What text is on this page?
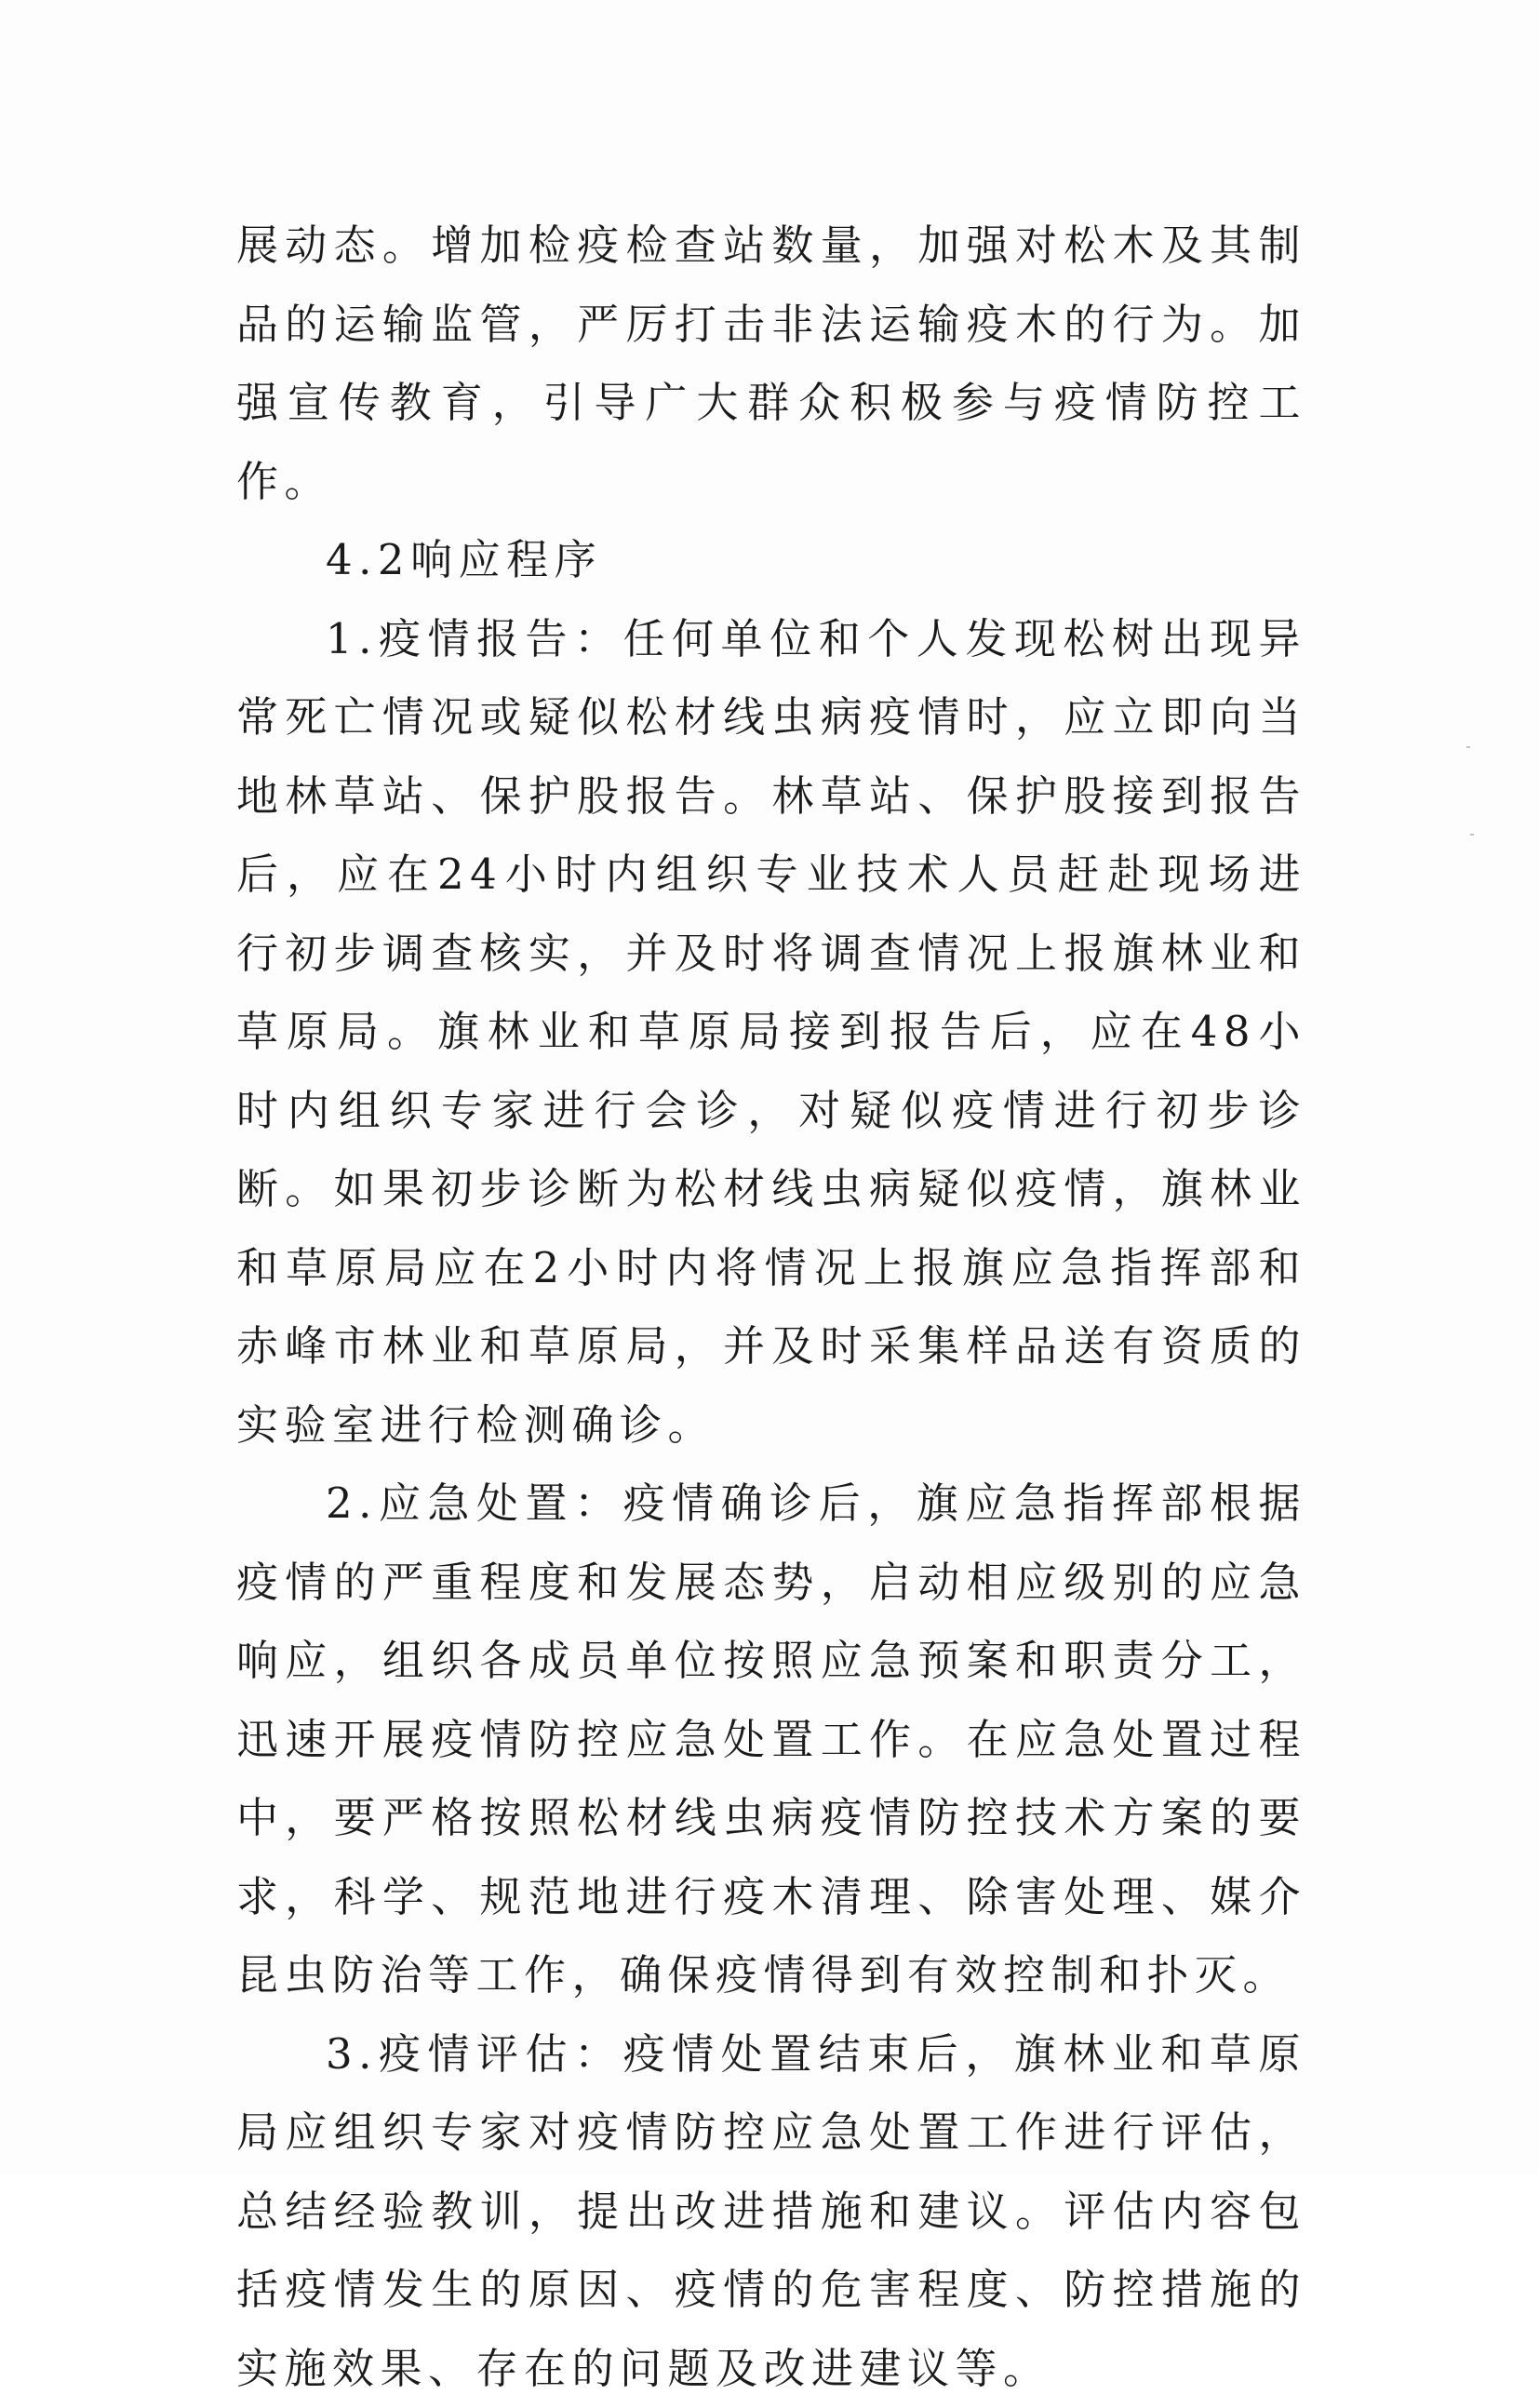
展动态。增加检疫检查站数量，加强对松木及其制品的运输监管，严厉打击非法运输疫木的行为。加强宣传教育，引导广大群众积极参与疫情防控工作。

4.2响应程序

1.疫情报告：任何单位和个人发现松树出现异常死亡情况或疑似松材线虫病疫情时，应立即向当地林草站、保护股报告。林草站、保护股接到报告后，应在24小时内组织专业技术人员赶赴现场进行初步调查核实，并及时将调查情况上报旗林业和草原局。旗林业和草原局接到报告后，应在48小时内组织专家进行会诊，对疑似疫情进行初步诊断。如果初步诊断为松材线虫病疑似疫情，旗林业和草原局应在2小时内将情况上报旗应急指挥部和赤峰市林业和草原局，并及时采集样品送有资质的实验室进行检测确诊。

2.应急处置：疫情确诊后，旗应急指挥部根据疫情的严重程度和发展态势，启动相应级别的应急响应，组织各成员单位按照应急预案和职责分工，迅速开展疫情防控应急处置工作。在应急处置过程中，要严格按照松材线虫病疫情防控技术方案的要求，科学、规范地进行疫木清理、除害处理、媒介昆虫防治等工作，确保疫情得到有效控制和扑灭。

3.疫情评估：疫情处置结束后，旗林业和草原局应组织专家对疫情防控应急处置工作进行评估，总结经验教训，提出改进措施和建议。评估内容包括疫情发生的原因、疫情的危害程度、防控措施的实施效果、存在的问题及改进建议等。
